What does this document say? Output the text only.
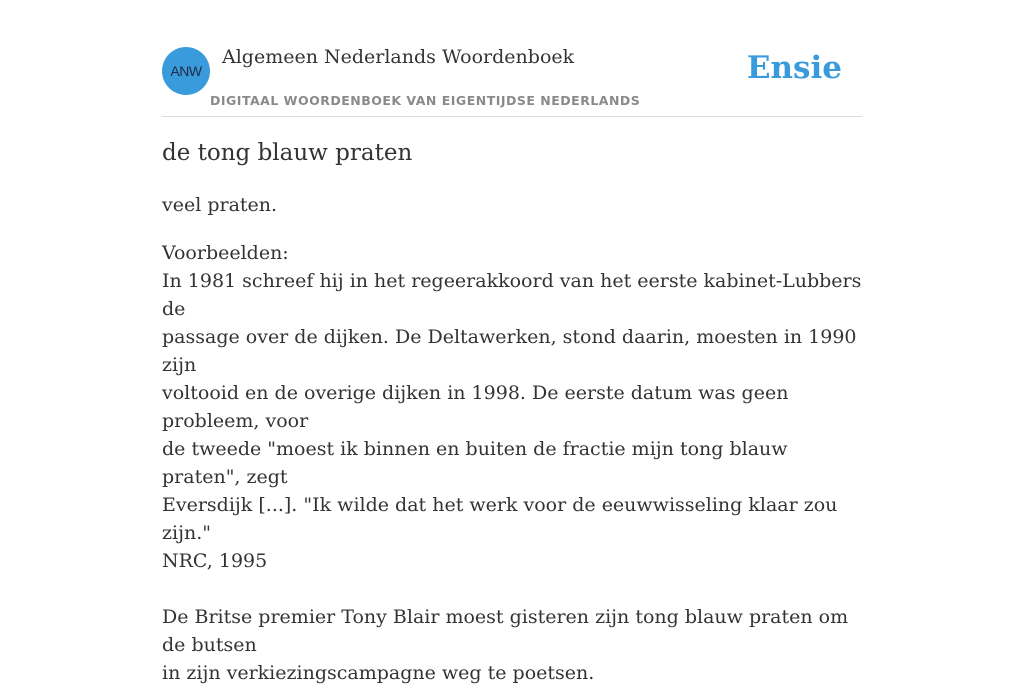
ANW
Algemeen Nederlands Woordenboek
DIGITAAL WOORDENBOEK VAN EIGENTIJDSE NEDERLANDS
Ensie
de tong blauw praten
veel praten.
Voorbeelden:
In 1981 schreef hij in het regeerakkoord van het eerste kabinet-Lubbers de
passage over de dijken. De Deltawerken, stond daarin, moesten in 1990 zijn
voltooid en de overige dijken in 1998. De eerste datum was geen probleem, voor
de tweede "moest ik binnen en buiten de fractie mijn tong blauw praten", zegt
Eversdijk [...]. "Ik wilde dat het werk voor de eeuwwisseling klaar zou zijn."
NRC, 1995
De Britse premier Tony Blair moest gisteren zijn tong blauw praten om de butsen
in zijn verkiezingscampagne weg te poetsen.
